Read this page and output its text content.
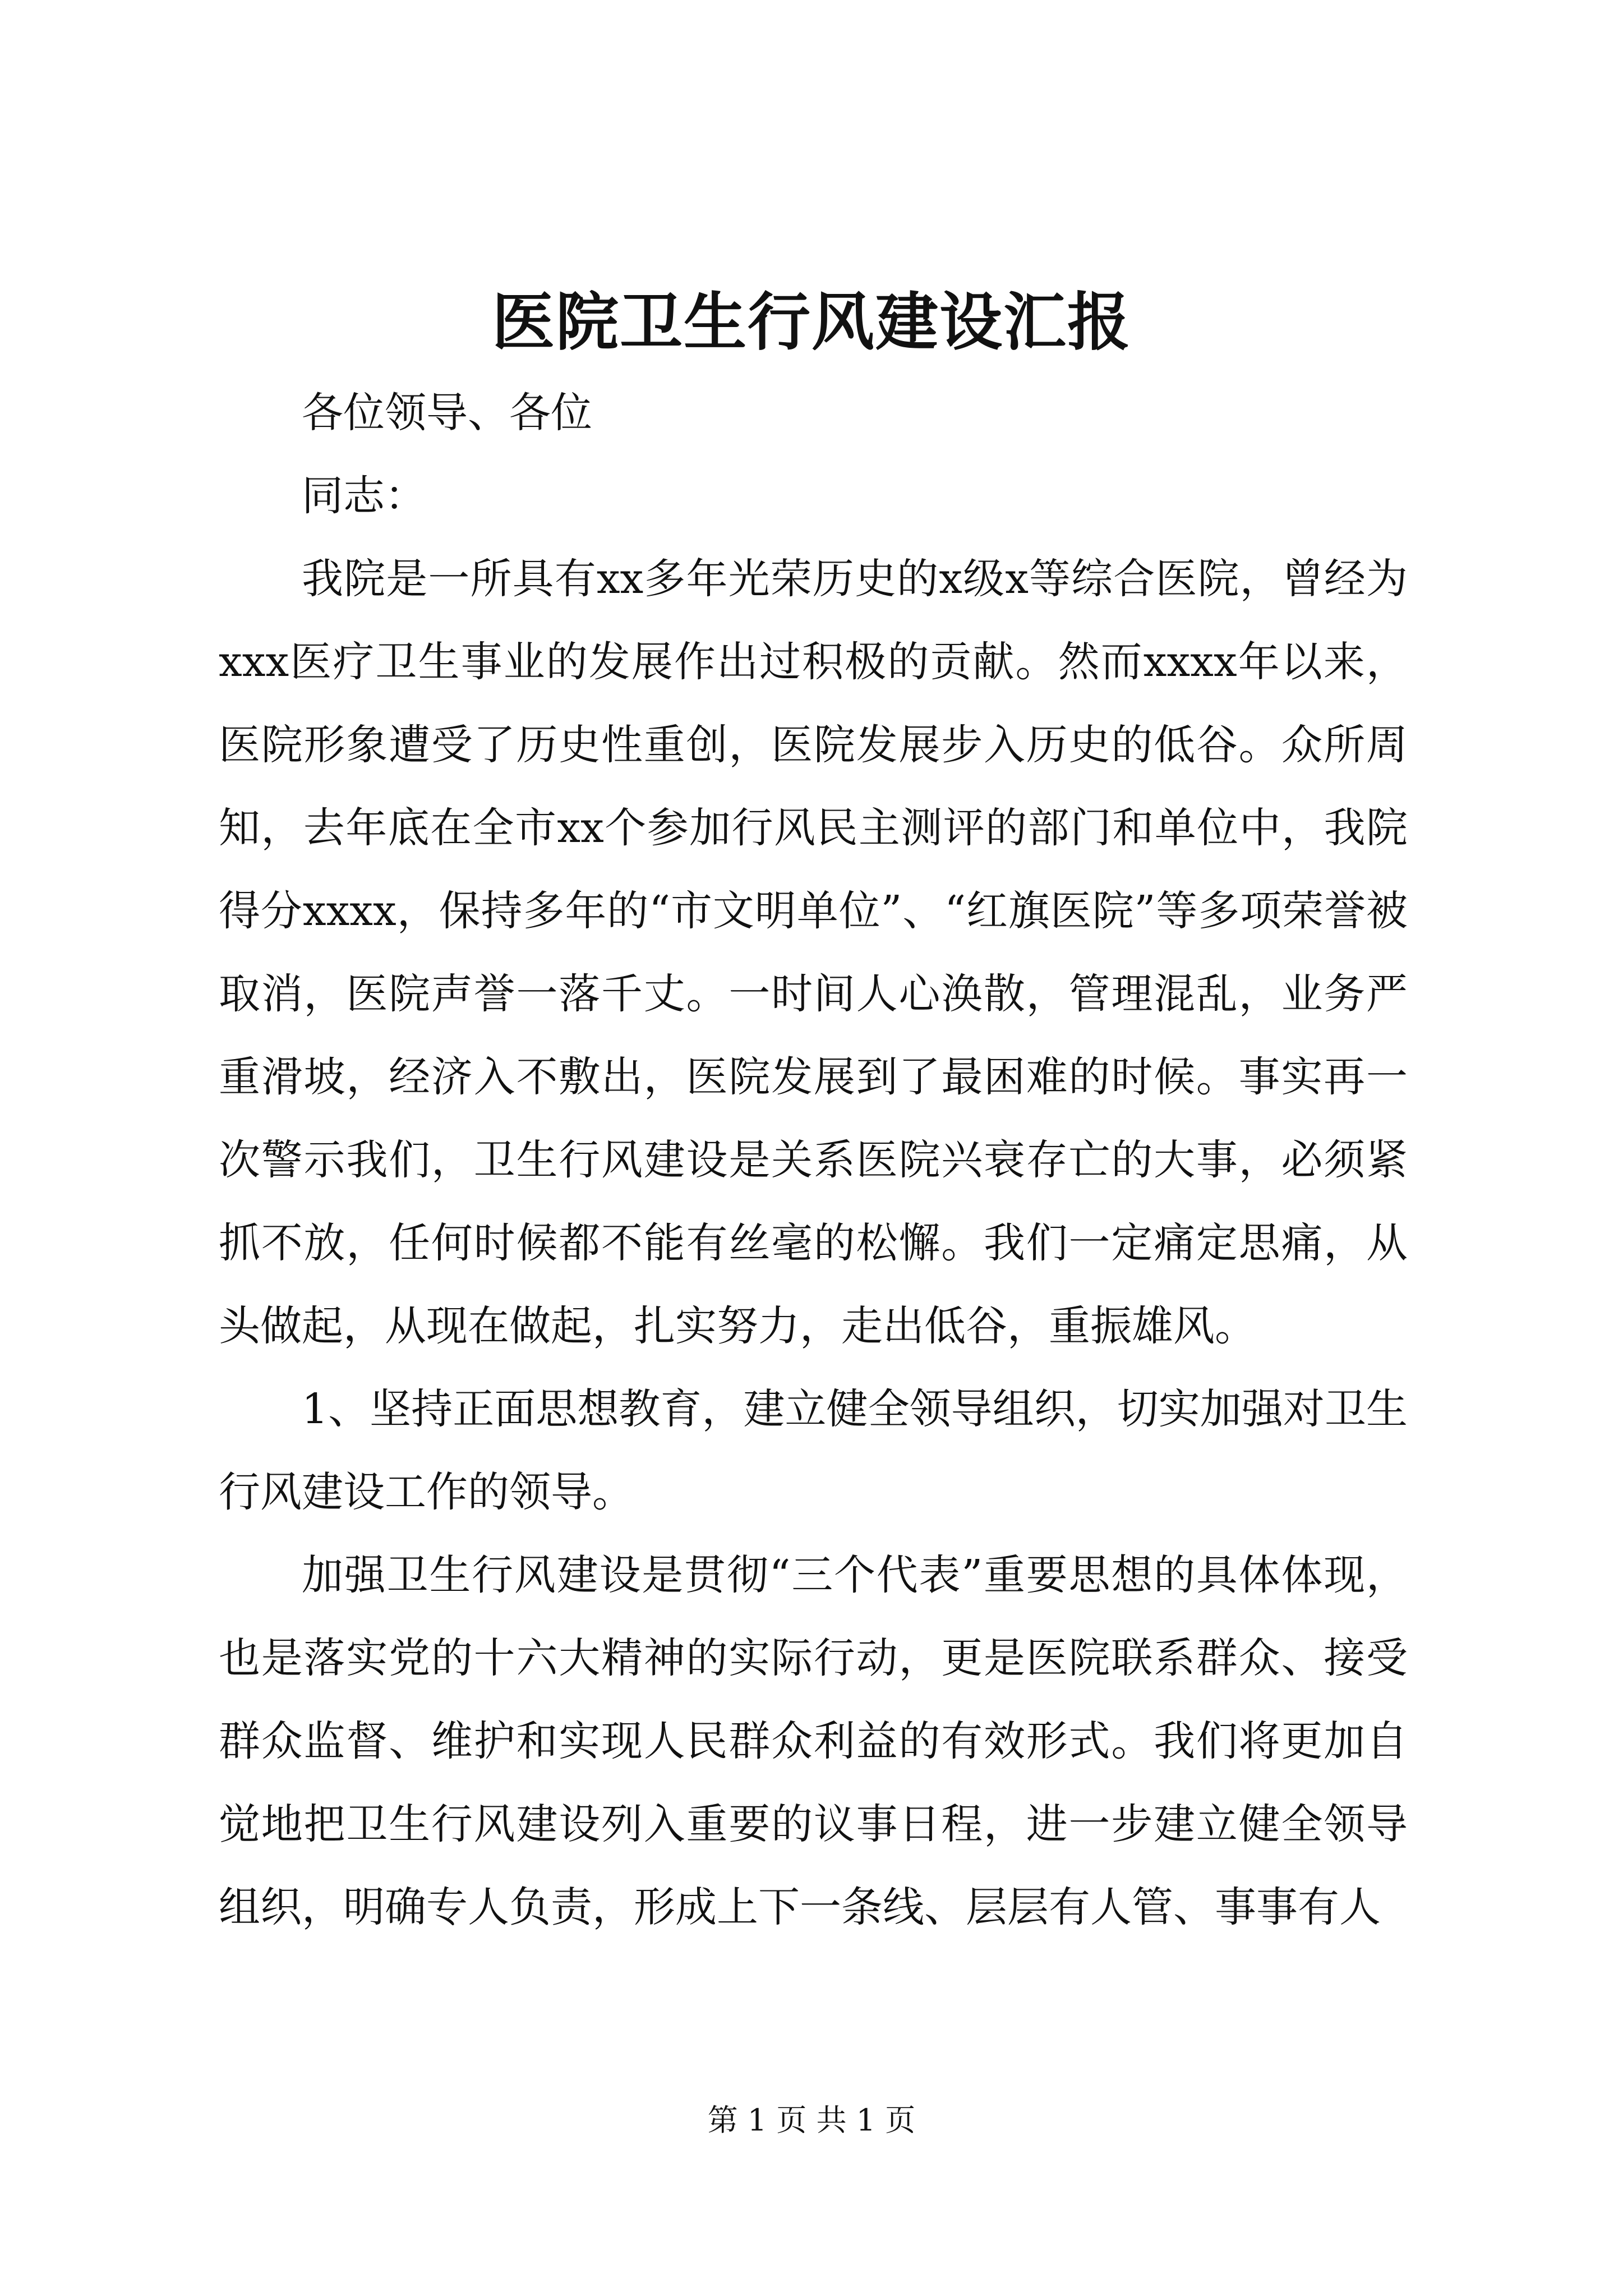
医院卫生行风建设汇报

各位领导、各位

同志：

我院是一所具有xx多年光荣历史的x级x等综合医院，曾经为xxx医疗卫生事业的发展作出过积极的贡献。然而xxxx年以来，医院形象遭受了历史性重创，医院发展步入历史的低谷。众所周知，去年底在全市xx个参加行风民主测评的部门和单位中，我院得分xxxx，保持多年的“市文明单位”、“红旗医院”等多项荣誉被取消，医院声誉一落千丈。一时间人心涣散，管理混乱，业务严重滑坡，经济入不敷出，医院发展到了最困难的时候。事实再一次警示我们，卫生行风建设是关系医院兴衰存亡的大事，必须紧抓不放，任何时候都不能有丝毫的松懈。我们一定痛定思痛，从头做起，从现在做起，扎实努力，走出低谷，重振雄风。

1、坚持正面思想教育，建立健全领导组织，切实加强对卫生行风建设工作的领导。

加强卫生行风建设是贯彻“三个代表”重要思想的具体体现，也是落实党的十六大精神的实际行动，更是医院联系群众、接受群众监督、维护和实现人民群众利益的有效形式。我们将更加自觉地把卫生行风建设列入重要的议事日程，进一步建立健全领导组织，明确专人负责，形成上下一条线、层层有人管、事事有人

第 1 页 共 1 页
